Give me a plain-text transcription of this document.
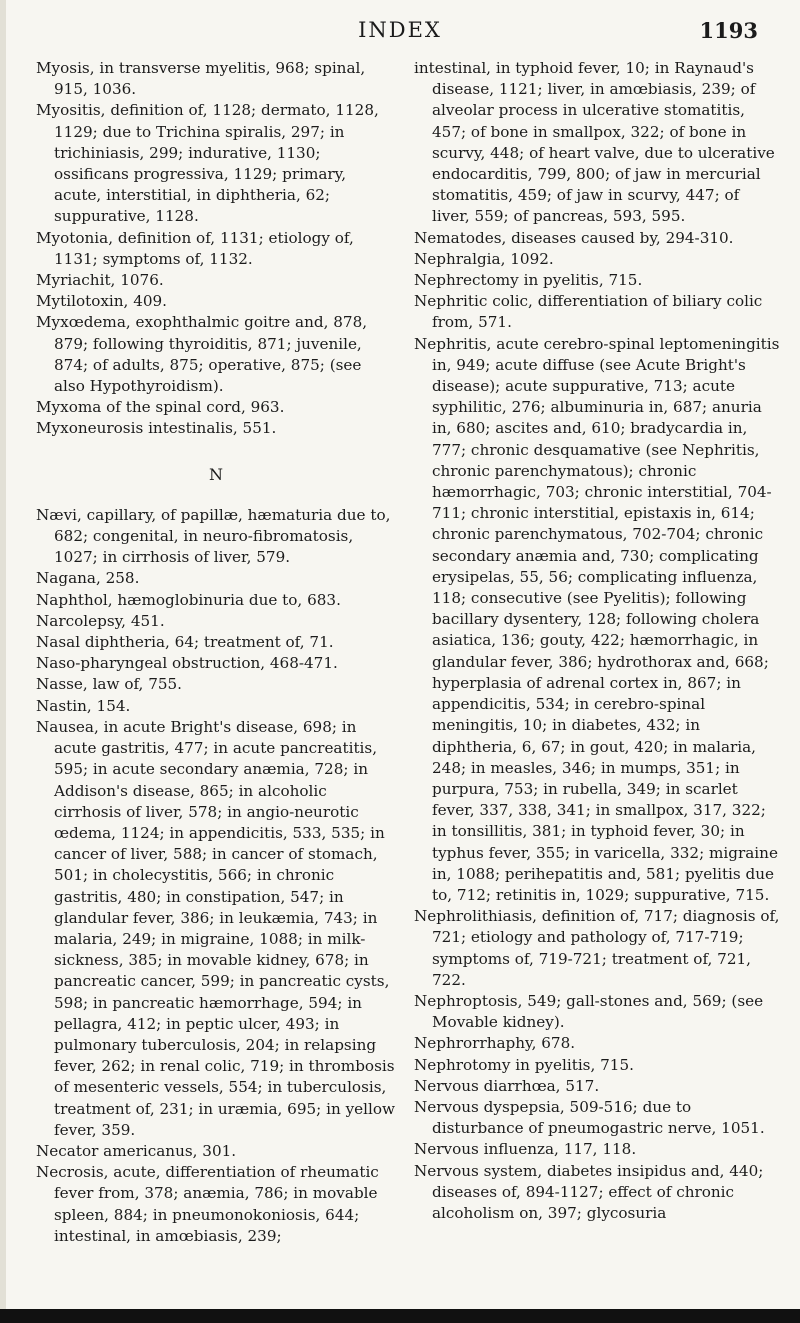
INDEX	1193

Myosis, in transverse myelitis, 968; spinal, 915, 1036.

Myositis, definition of, 1128; dermato, 1128, 1129; due to Trichina spiralis, 297; in trichiniasis, 299; indurative, 1130; ossificans progressiva, 1129; primary, acute, interstitial, in diphtheria, 62; suppurative, 1128.

Myotonia, definition of, 1131; etiology of, 1131; symptoms of, 1132.

Myriachit, 1076.

Mytilotoxin, 409.

Myxœdema, exophthalmic goitre and, 878, 879; following thyroiditis, 871; juvenile, 874; of adults, 875; operative, 875; (see also Hypothyroidism).

Myxoma of the spinal cord, 963.

Myxoneurosis intestinalis, 551.

N

Nævi, capillary, of papillæ, hæmaturia due to, 682; congenital, in neuro-fibromatosis, 1027; in cirrhosis of liver, 579.

Nagana, 258.

Naphthol, hæmoglobinuria due to, 683.

Narcolepsy, 451.

Nasal diphtheria, 64; treatment of, 71.

Naso-pharyngeal obstruction, 468-471.

Nasse, law of, 755.

Nastin, 154.

Nausea, in acute Bright's disease, 698; in acute gastritis, 477; in acute pancreatitis, 595; in acute secondary anæmia, 728; in Addison's disease, 865; in alcoholic cirrhosis of liver, 578; in angio-neurotic œdema, 1124; in appendicitis, 533, 535; in cancer of liver, 588; in cancer of stomach, 501; in cholecystitis, 566; in chronic gastritis, 480; in constipation, 547; in glandular fever, 386; in leukæmia, 743; in malaria, 249; in migraine, 1088; in milk-sickness, 385; in movable kidney, 678; in pancreatic cancer, 599; in pancreatic cysts, 598; in pancreatic hæmorrhage, 594; in pellagra, 412; in peptic ulcer, 493; in pulmonary tuberculosis, 204; in relapsing fever, 262; in renal colic, 719; in thrombosis of mesenteric vessels, 554; in tuberculosis, treatment of, 231; in uræmia, 695; in yellow fever, 359.

Necator americanus, 301.

Necrosis, acute, differentiation of rheumatic fever from, 378; anæmia, 786; in movable spleen, 884; in pneumonokoniosis, 644; intestinal, in amœbiasis, 239;

intestinal, in typhoid fever, 10; in Raynaud's disease, 1121; liver, in amœbiasis, 239; of alveolar process in ulcerative stomatitis, 457; of bone in smallpox, 322; of bone in scurvy, 448; of heart valve, due to ulcerative endocarditis, 799, 800; of jaw in mercurial stomatitis, 459; of jaw in scurvy, 447; of liver, 559; of pancreas, 593, 595.

Nematodes, diseases caused by, 294-310.

Nephralgia, 1092.

Nephrectomy in pyelitis, 715.

Nephritic colic, differentiation of biliary colic from, 571.

Nephritis, acute cerebro-spinal leptomeningitis in, 949; acute diffuse (see Acute Bright's disease); acute suppurative, 713; acute syphilitic, 276; albuminuria in, 687; anuria in, 680; ascites and, 610; bradycardia in, 777; chronic desquamative (see Nephritis, chronic parenchymatous); chronic hæmorrhagic, 703; chronic interstitial, 704-711; chronic interstitial, epistaxis in, 614; chronic parenchymatous, 702-704; chronic secondary anæmia and, 730; complicating erysipelas, 55, 56; complicating influenza, 118; consecutive (see Pyelitis); following bacillary dysentery, 128; following cholera asiatica, 136; gouty, 422; hæmorrhagic, in glandular fever, 386; hydrothorax and, 668; hyperplasia of adrenal cortex in, 867; in appendicitis, 534; in cerebro-spinal meningitis, 10; in diabetes, 432; in diphtheria, 6, 67; in gout, 420; in malaria, 248; in measles, 346; in mumps, 351; in purpura, 753; in rubella, 349; in scarlet fever, 337, 338, 341; in smallpox, 317, 322; in tonsillitis, 381; in typhoid fever, 30; in typhus fever, 355; in varicella, 332; migraine in, 1088; perihepatitis and, 581; pyelitis due to, 712; retinitis in, 1029; suppurative, 715.

Nephrolithiasis, definition of, 717; diagnosis of, 721; etiology and pathology of, 717-719; symptoms of, 719-721; treatment of, 721, 722.

Nephroptosis, 549; gall-stones and, 569; (see Movable kidney).

Nephrorrhaphy, 678.

Nephrotomy in pyelitis, 715.

Nervous diarrhœa, 517.

Nervous dyspepsia, 509-516; due to disturbance of pneumogastric nerve, 1051.

Nervous influenza, 117, 118.

Nervous system, diabetes insipidus and, 440; diseases of, 894-1127; effect of chronic alcoholism on, 397; glycosuria
